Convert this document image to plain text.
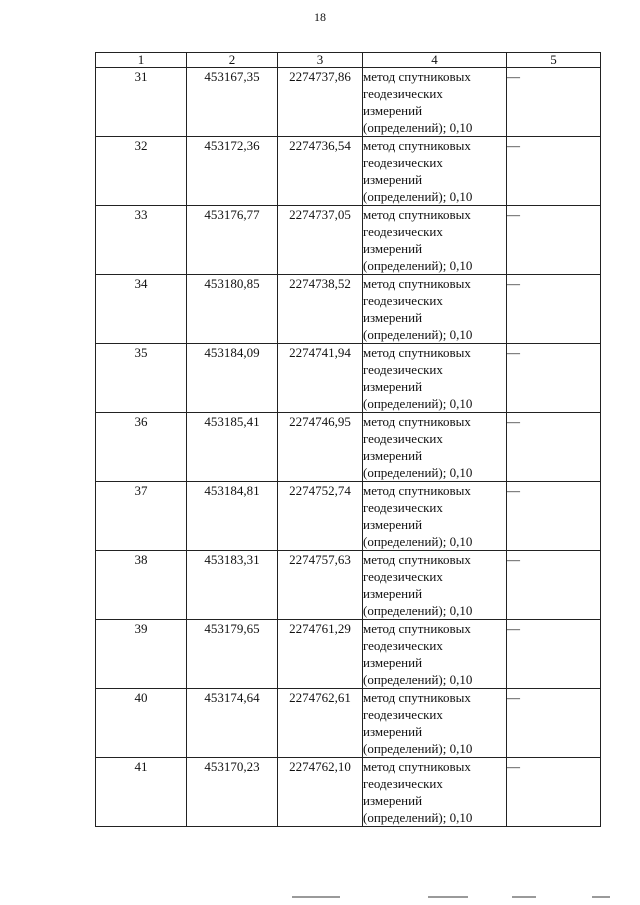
18
1	2	3	4	5
31	453167,35	2274737,86	метод спутниковых
геодезических
измерений
(определений); 0,10	—
32	453172,36	2274736,54	метод спутниковых
геодезических
измерений
(определений); 0,10	—
33	453176,77	2274737,05	метод спутниковых
геодезических
измерений
(определений); 0,10	—
34	453180,85	2274738,52	метод спутниковых
геодезических
измерений
(определений); 0,10	—
35	453184,09	2274741,94	метод спутниковых
геодезических
измерений
(определений); 0,10	—
36	453185,41	2274746,95	метод спутниковых
геодезических
измерений
(определений); 0,10	—
37	453184,81	2274752,74	метод спутниковых
геодезических
измерений
(определений); 0,10	—
38	453183,31	2274757,63	метод спутниковых
геодезических
измерений
(определений); 0,10	—
39	453179,65	2274761,29	метод спутниковых
геодезических
измерений
(определений); 0,10	—
40	453174,64	2274762,61	метод спутниковых
геодезических
измерений
(определений); 0,10	—
41	453170,23	2274762,10	метод спутниковых
геодезических
измерений
(определений); 0,10	—
